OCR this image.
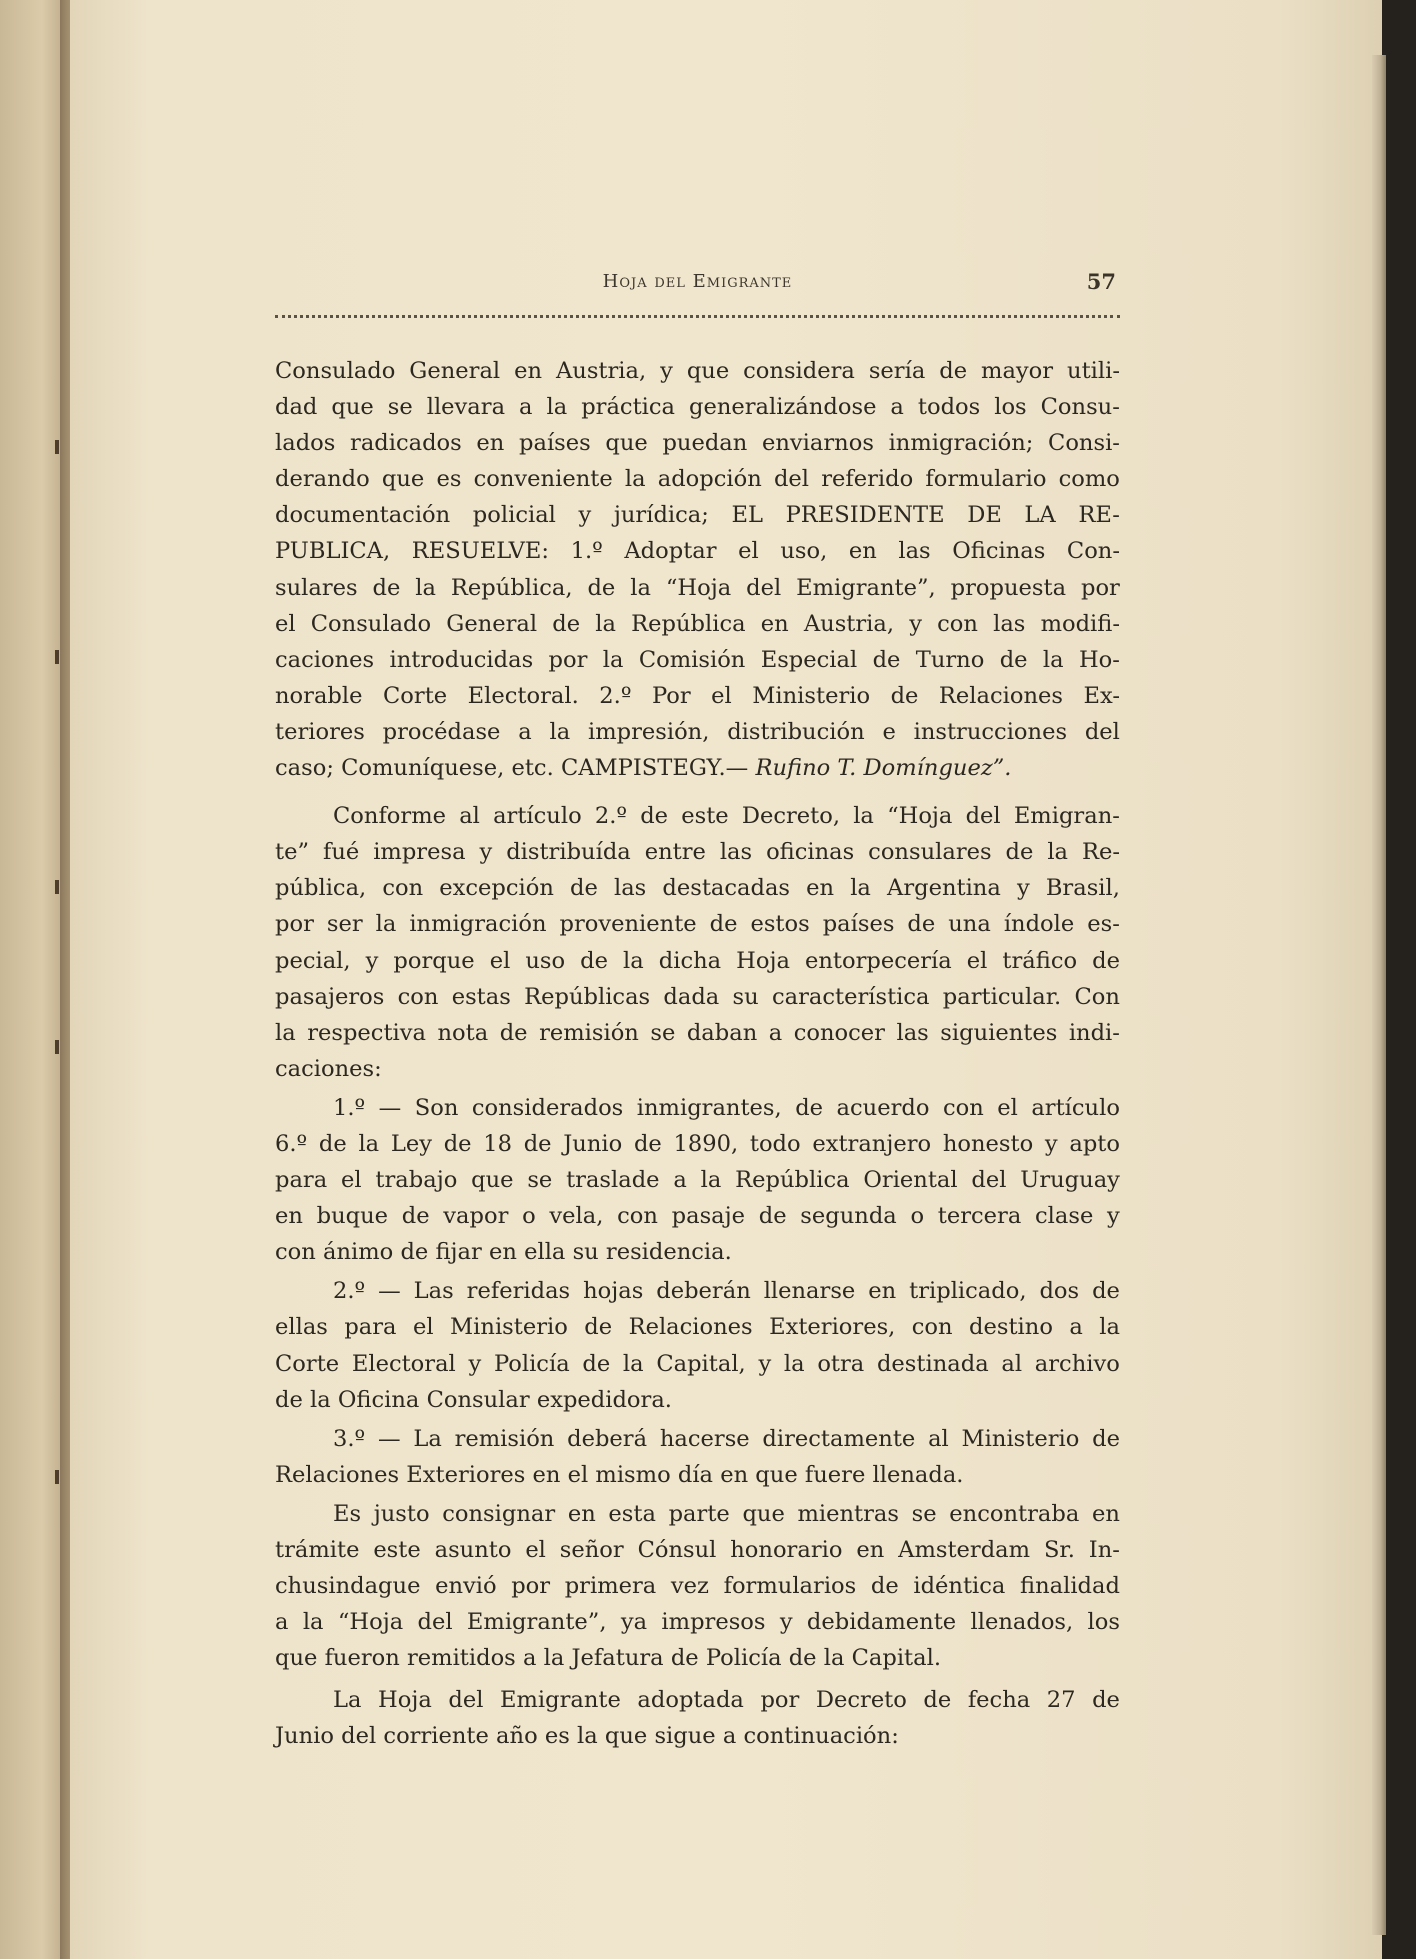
Hoja del Emigrante	57
Consulado General en Austria, y que considera sería de mayor utili-
dad que se llevara a la práctica generalizándose a todos los Consu-
lados radicados en países que puedan enviarnos inmigración; Consi-
derando que es conveniente la adopción del referido formulario como
documentación policial y jurídica; EL PRESIDENTE DE LA RE-
PUBLICA, RESUELVE: 1.º Adoptar el uso, en las Oficinas Con-
sulares de la República, de la “Hoja del Emigrante”, propuesta por
el Consulado General de la República en Austria, y con las modifi-
caciones introducidas por la Comisión Especial de Turno de la Ho-
norable Corte Electoral. 2.º Por el Ministerio de Relaciones Ex-
teriores procédase a la impresión, distribución e instrucciones del
caso; Comuníquese, etc. CAMPISTEGY.— Rufino T. Domínguez”.
Conforme al artículo 2.º de este Decreto, la “Hoja del Emigran-
te” fué impresa y distribuída entre las oficinas consulares de la Re-
pública, con excepción de las destacadas en la Argentina y Brasil,
por ser la inmigración proveniente de estos países de una índole es-
pecial, y porque el uso de la dicha Hoja entorpecería el tráfico de
pasajeros con estas Repúblicas dada su característica particular. Con
la respectiva nota de remisión se daban a conocer las siguientes indi-
caciones:
1.º — Son considerados inmigrantes, de acuerdo con el artículo
6.º de la Ley de 18 de Junio de 1890, todo extranjero honesto y apto
para el trabajo que se traslade a la República Oriental del Uruguay
en buque de vapor o vela, con pasaje de segunda o tercera clase y
con ánimo de fijar en ella su residencia.
2.º — Las referidas hojas deberán llenarse en triplicado, dos de
ellas para el Ministerio de Relaciones Exteriores, con destino a la
Corte Electoral y Policía de la Capital, y la otra destinada al archivo
de la Oficina Consular expedidora.
3.º — La remisión deberá hacerse directamente al Ministerio de
Relaciones Exteriores en el mismo día en que fuere llenada.
Es justo consignar en esta parte que mientras se encontraba en
trámite este asunto el señor Cónsul honorario en Amsterdam Sr. In-
chusindague envió por primera vez formularios de idéntica finalidad
a la “Hoja del Emigrante”, ya impresos y debidamente llenados, los
que fueron remitidos a la Jefatura de Policía de la Capital.
La Hoja del Emigrante adoptada por Decreto de fecha 27 de
Junio del corriente año es la que sigue a continuación:
